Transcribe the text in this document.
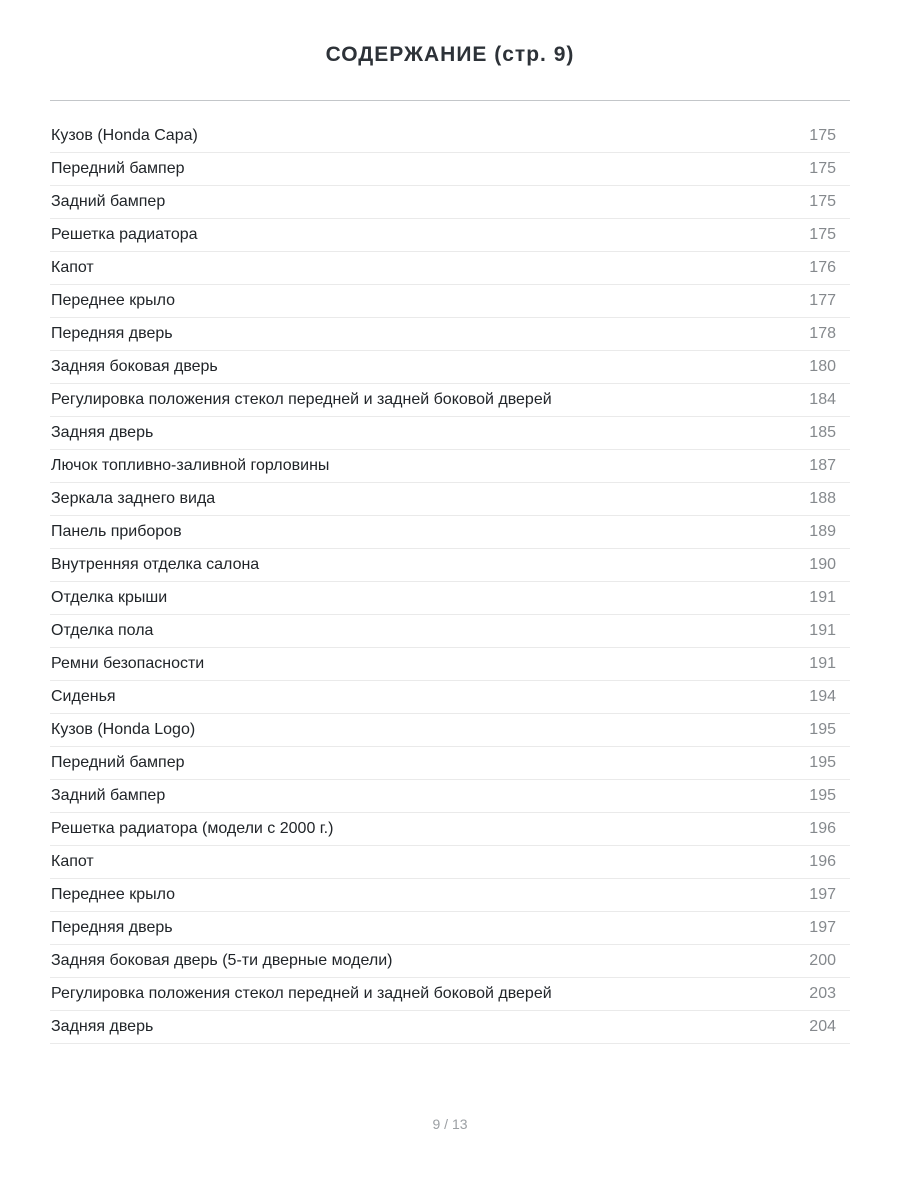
СОДЕРЖАНИЕ (стр. 9)
Кузов (Honda Capa)	175
Передний бампер	175
Задний бампер	175
Решетка радиатора	175
Капот	176
Переднее крыло	177
Передняя дверь	178
Задняя боковая дверь	180
Регулировка положения стекол передней и задней боковой дверей	184
Задняя дверь	185
Лючок топливно-заливной горловины	187
Зеркала заднего вида	188
Панель приборов	189
Внутренняя отделка салона	190
Отделка крыши	191
Отделка пола	191
Ремни безопасности	191
Сиденья	194
Кузов (Honda Logo)	195
Передний бампер	195
Задний бампер	195
Решетка радиатора (модели с 2000 г.)	196
Капот	196
Переднее крыло	197
Передняя дверь	197
Задняя боковая дверь (5-ти дверные модели)	200
Регулировка положения стекол передней и задней боковой дверей	203
Задняя дверь	204
9 / 13
